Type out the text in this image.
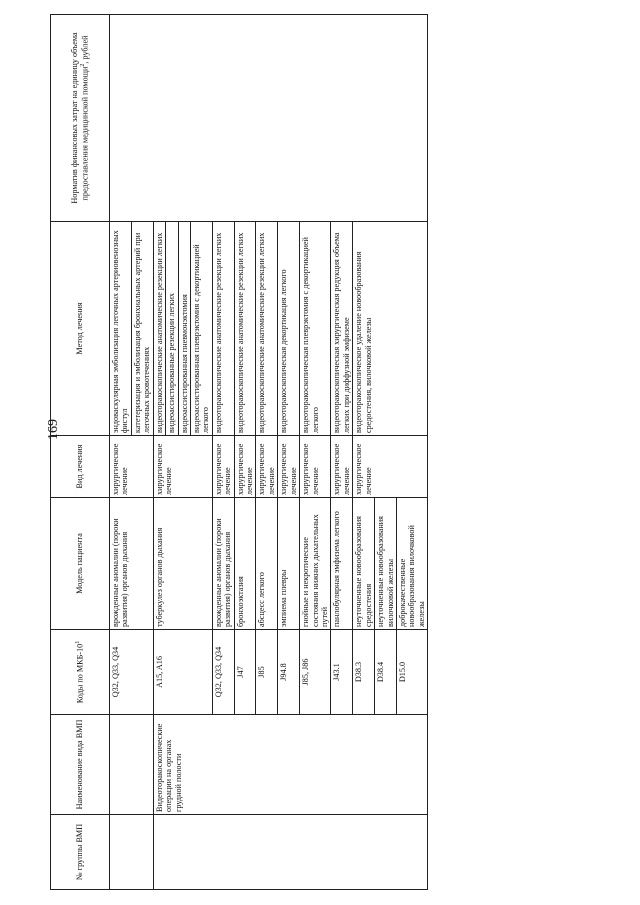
169
№ группы ВМП	Наименование вида ВМП	Коды по МКБ-$10^1$	Модель пациента	Вид лечения	Метод лечения	Норматив финансовых затрат на единицу объема предоставления медицинской помощи$^2$, рублей
		Q32, Q33, Q34	врожденные аномалии (пороки развития) органов дыхания	хирургическое лечение	эндоваскулярная эмболизация легочных артериовенозных фистул	
					катетеризация и эмболизация бронхиальных артерий при легочных кровотечениях	
	Видеоторакоскопические операции на органах грудной полости	A15, A16	туберкулез органов дыхания	хирургическое лечение	видеоторакоскопические анатомические резекции легких	
					видеоассистированные резекции легких	
					видеоассистированная пневмонэктомия	
					видеоассистированная плеврэктомия с декортикацией легкого	
		Q32, Q33, Q34	врожденные аномалии (пороки развития) органов дыхания	хирургическое лечение	видеоторакоскопические анатомические резекции легких	
		J47	бронхоэктазия	хирургическое лечение	видеоторакоскопические анатомические резекции легких	
		J85	абсцесс легкого	хирургическое лечение	видеоторакоскопические анатомические резекции легких	
		J94.8	эмпиема плевры	хирургическое лечение	видеоторакоскопическая декортикация легкого	
		J85, J86	гнойные и некротические состояния нижних дыхательных путей	хирургическое лечение	видеоторакоскопическая плеврэктомия с декортикацией легкого	
		J43.1	панлобулярная эмфизема легкого	хирургическое лечение	видеоторакоскопическая хирургическая редукция объема легких при диффузной эмфиземе	
		D38.3	неуточненные новообразования средостения	хирургическое лечение	видеоторакоскопическое удаление новообразования средостения, вилочковой железы	
		D38.4	неуточненные новообразования вилочковой железы			
		D15.0	доброкачественные новообразования вилочковой железы			
